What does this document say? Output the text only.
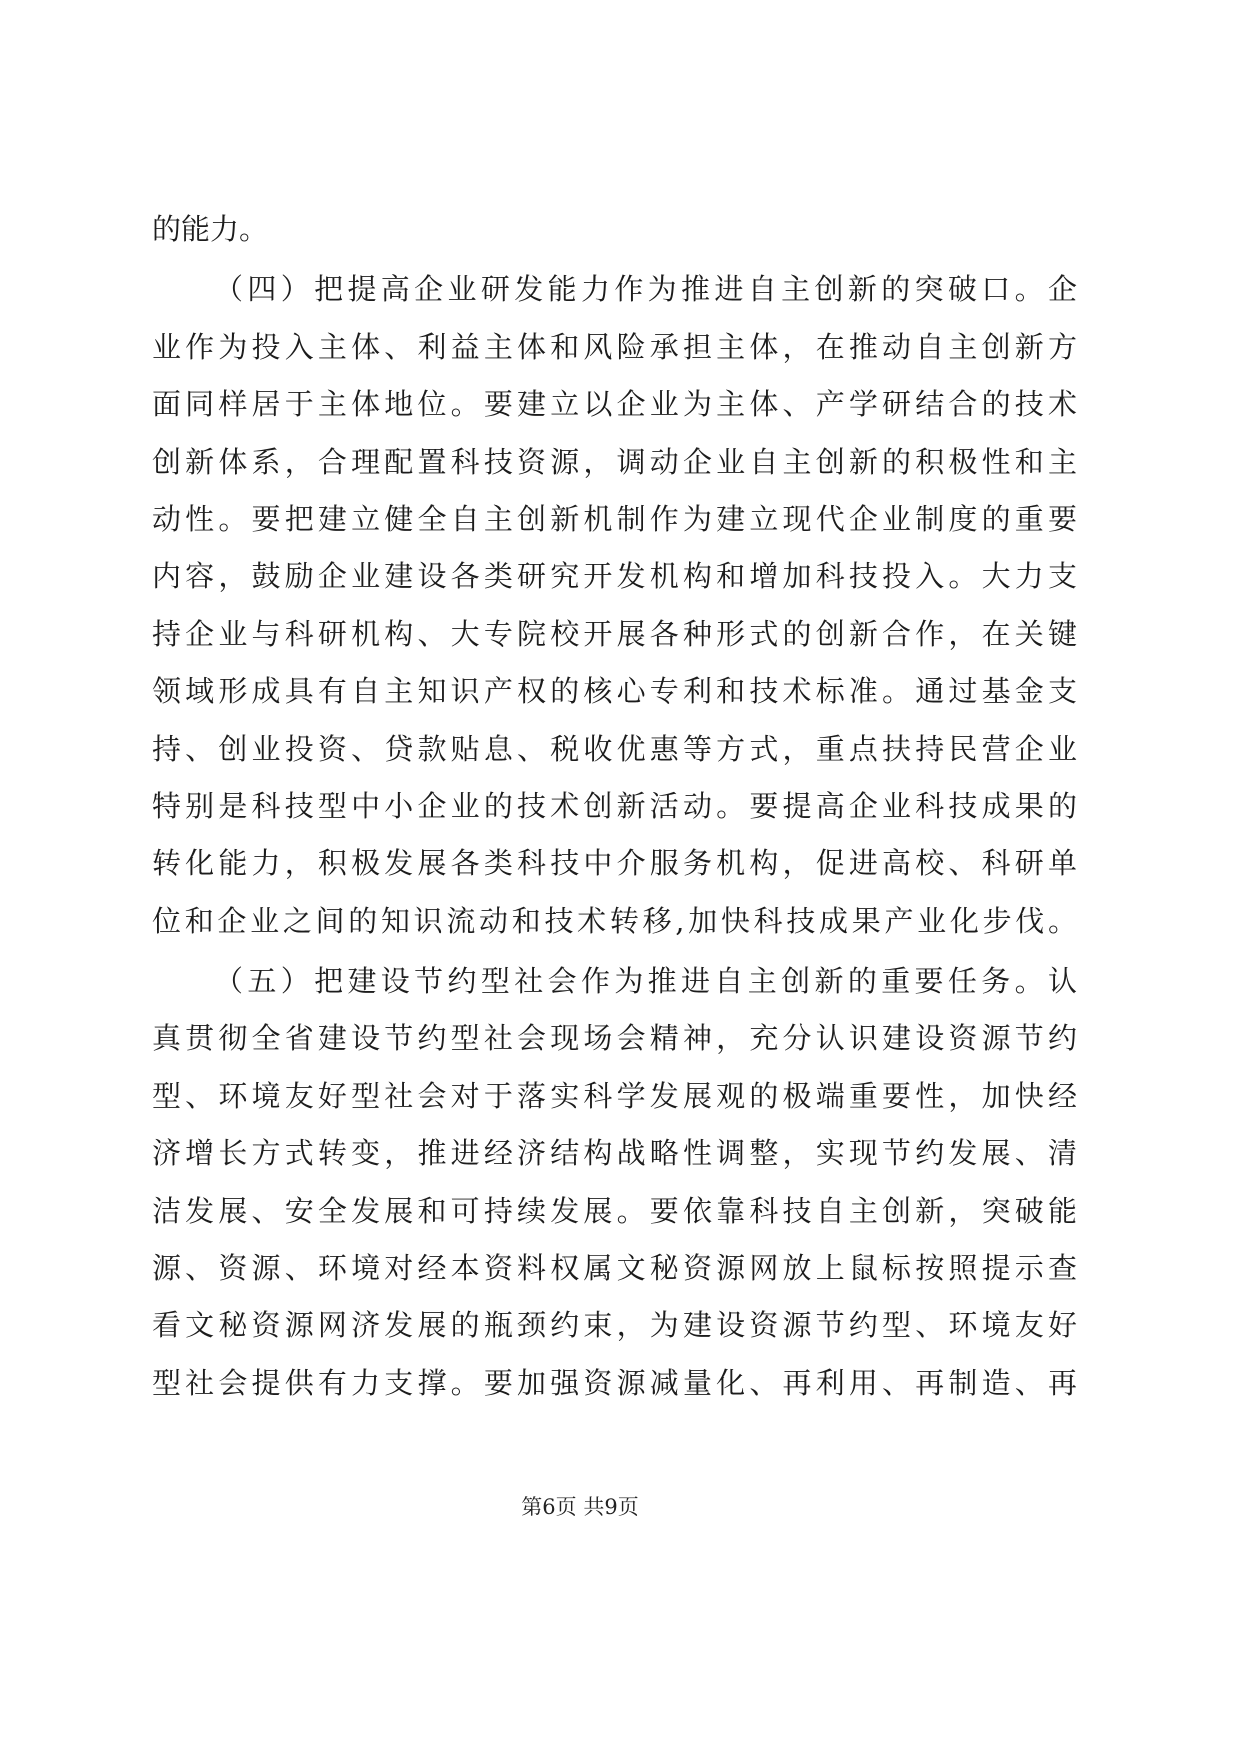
的能力。
（四）把提高企业研发能力作为推进自主创新的突破口。企
业作为投入主体、利益主体和风险承担主体，在推动自主创新方
面同样居于主体地位。要建立以企业为主体、产学研结合的技术
创新体系，合理配置科技资源，调动企业自主创新的积极性和主
动性。要把建立健全自主创新机制作为建立现代企业制度的重要
内容，鼓励企业建设各类研究开发机构和增加科技投入。大力支
持企业与科研机构、大专院校开展各种形式的创新合作，在关键
领域形成具有自主知识产权的核心专利和技术标准。通过基金支
持、创业投资、贷款贴息、税收优惠等方式，重点扶持民营企业
特别是科技型中小企业的技术创新活动。要提高企业科技成果的
转化能力，积极发展各类科技中介服务机构，促进高校、科研单
位和企业之间的知识流动和技术转移,加快科技成果产业化步伐。
（五）把建设节约型社会作为推进自主创新的重要任务。认
真贯彻全省建设节约型社会现场会精神，充分认识建设资源节约
型、环境友好型社会对于落实科学发展观的极端重要性，加快经
济增长方式转变，推进经济结构战略性调整，实现节约发展、清
洁发展、安全发展和可持续发展。要依靠科技自主创新，突破能
源、资源、环境对经本资料权属文秘资源网放上鼠标按照提示查
看文秘资源网济发展的瓶颈约束，为建设资源节约型、环境友好
型社会提供有力支撑。要加强资源减量化、再利用、再制造、再
第6页 共9页
